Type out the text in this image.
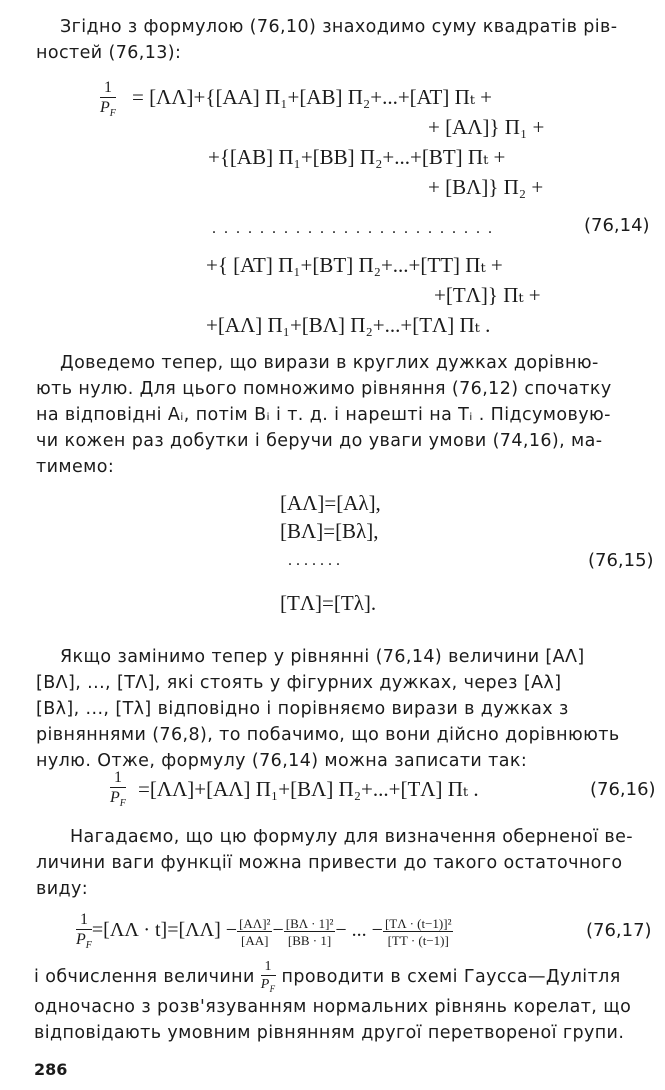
Згідно з формулою (76,10) знаходимо суму квадратів рів-
ностей (76,13):
$\frac{1}{P_F} = [\Lambda\Lambda]+\{[AA]$ П₁+[AB] П₂+...+[AT] Пₜ +
+ [AΛ]} П₁ +
+{[AB] П₁+[BB] П₂+...+[BT] Пₜ +
+ [BΛ]} П₂ +
. . . . . . . . . . . . . . . . . . . . . . . .	(76,14)
+{ [AT] П₁+[BT] П₂+...+[TT] Пₜ +
+[TΛ]} Пₜ +
+[AΛ] П₁+[BΛ] П₂+...+[TΛ] Пₜ .
Доведемо тепер, що вирази в круглих дужках дорівню-
ють нулю. Для цього помножимо рівняння (76,12) спочатку
на відповідні Aᵢ, потім Bᵢ і т. д. і нарешті на Tᵢ . Підсумовую-
чи кожен раз добутки і беручи до уваги умови (74,16), ма-
тимемо:
[AΛ]=[Aλ],
[BΛ]=[Bλ],
. . . . . . .	(76,15)
[TΛ]=[Tλ].
Якщо замінимо тепер у рівнянні (76,14) величини [AΛ]
[BΛ], ..., [TΛ], які стоять у фігурних дужках, через [Aλ]
[Bλ], ..., [Tλ] відповідно і порівняємо вирази в дужках з
рівняннями (76,8), то побачимо, що вони дійсно дорівнюють
нулю. Отже, формулу (76,14) можна записати так:
$\frac{1}{P_F} =[\Lambda\Lambda]+[A\Lambda]$ П₁+[BΛ] П₂+...+[TΛ] Пₜ .	(76,16)
Нагадаємо, що цю формулу для визначення оберненої ве-
личини ваги функції можна привести до такого остаточного
виду:
$\frac{1}{P_F} =[\Lambda\Lambda \cdot t]=[\Lambda\Lambda] - \frac{\text{[AΛ]²}}{[AA]} - \frac{\text{[BΛ · 1]²}}{[BB \cdot 1]}$ − ... − $\frac{\text{[TΛ · (t−1)]²}}{[TT \cdot (t-1)]}$	(76,17)
і обчислення величини $\frac{1}{P_F}$ проводити в схемі Гаусса—Дулітля
одночасно з розв'язуванням нормальних рівнянь корелат, що
відповідають умовним рівнянням другої перетвореної групи.
286
